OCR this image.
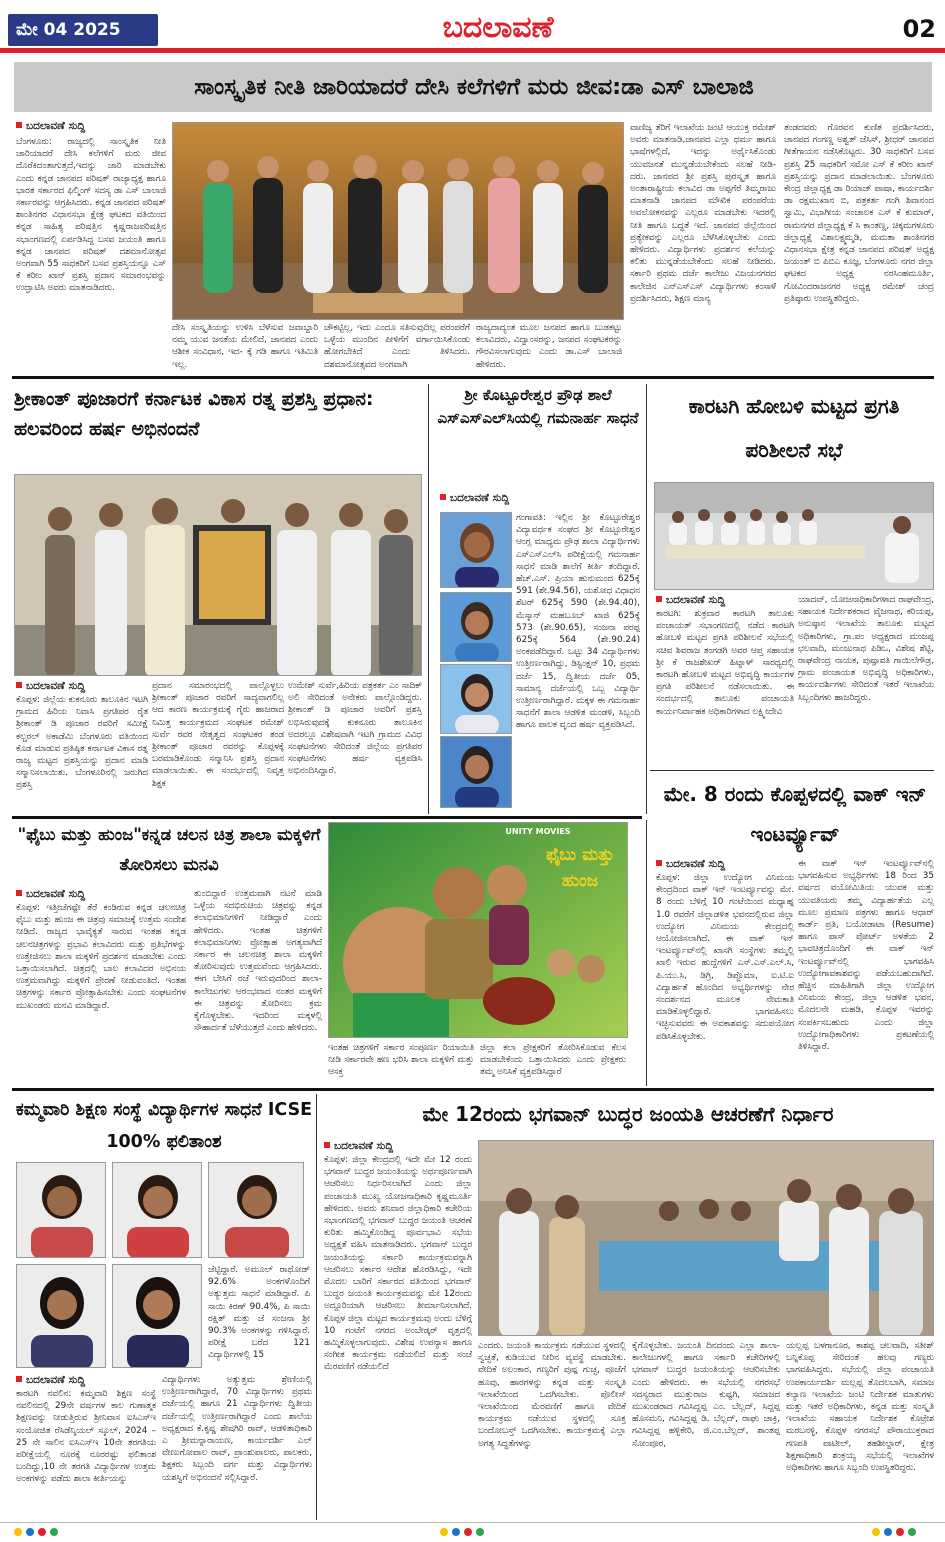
ಮೇ 04 2025	ಬದಲಾವಣೆ	02
ಸಾಂಸ್ಕೃತಿಕ ನೀತಿ ಜಾರಿಯಾದರೆ ದೇಸಿ ಕಲೆಗಳಿಗೆ ಮರು ಜೀವ:ಡಾ ಎಸ್ ಬಾಲಾಜಿ
ಬದಲಾವಣೆ ಸುದ್ದಿ
ಬೆಂಗಳೂರು: ರಾಜ್ಯದಲ್ಲಿ ಸಾಂಸ್ಕೃತಿಕ ನೀತಿ ಜಾರಿಯಾದರೆ ದೇಸಿ ಕಲೆಗಳಿಗೆ ಮರು ಜೀವ ದೊರೆಕಿದಂತಾಗುತ್ತದೆ,ಇದನ್ನು ಜಾರಿ ಮಾಡಬೇಕು ಎಂದು ಕನ್ನಡ ಜಾನಪದ ಪರಿಷತ್ ರಾಜ್ಯಾಧ್ಯಕ್ಷ ಹಾಗೂ ಭಾರತ ಸರ್ಕಾರದ ಫಿಲ್ಮಿಂಗ್ ಸದಸ್ಯ ಡಾ ಎಸ್ ಬಾಲಾಜಿ ಸರ್ಕಾರವನ್ನು ಆಗ್ರಹಿಸಿದರು. ಕನ್ನಡ ಜಾನಪದ ಪರಿಷತ್ ಶಾಂತಿನಗರ ವಿಧಾನಸಭಾ ಕ್ಷೇತ್ರ ಘಟಕದ ವತಿಯಿಂದ ಕನ್ನಡ ಸಾಹಿತ್ಯ ಪರಿಷತ್ತಿನ ಕೃಷ್ಣರಾಜಪರಿಷತ್ತಿನ ಸಭಾಂಗಣದಲ್ಲಿ ಏರ್ಪಡಿಸಿದ್ದ ಬಸವ ಜಯಂತಿ ಹಾಗೂ ಕನ್ನಡ ಜಾನಪದ ಪರಿಷತ್ ದಶಮಾನೋತ್ಸವ ಅಂಗವಾಗಿ 55 ಸಾಧಕರಿಗೆ ಬಸವ ಪ್ರಶಸ್ತಿಯನ್ನೂ ಎಸ್ ಕೆ ಕರೀಂ ಖಾನ್ ಪ್ರಶಸ್ತಿ ಪ್ರದಾನ ಸಮಾರಂಭವನ್ನು ಉದ್ಘಾಟಿಸಿ ಅವರು ಮಾತನಾಡಿದರು.
ದೇಸಿ ಸಂಸ್ಕೃತಿಯನ್ನು ಉಳಿಸಿ ಬೆಳೆಸುವ ಜವಾಬ್ದಾರಿ ನಮ್ಮ ಯುವ ಜನತೆಯ ಮೇಲಿದೆ, ಜಾನಪದ ಎಂದು ಆಶೀಕ ಸಂವಿಧಾನ, ಇದ- ಕ್ಕೆ ಗಡಿ ಹಾಗೂ ಇತಿಮಿತಿ ಇಲ್ಲ.
ಚೌಕಟ್ಟಿಲ್ಲ, ಇದು ಎಂದೂ ಸತಿಸುವುದಿಲ್ಲ ಪರಂಪರೆಗೆ ಒಳ್ಳೆಯ ಮುಂದಿನ ಪೀಳಿಗೆಗೆ ವರ್ಗಾಯಿಸಿಕೊಂಡು ಹೋಗಬೇಕಿದೆ ಎಂದು ತಿಳಿಸಿದರು. ದಶಮಾನೋತ್ಸವದ ಅಂಗವಾಗಿ
ರಾಜ್ಯದಾದ್ಯಂತ ಮೂಲ ಜನಪದ ಹಾಗೂ ಬುಡಕಟ್ಟು ಕಲಾವಿದರು, ವಿದ್ವಾಂಸರನ್ನು, ಜನಪದ ಸಂಘಟಕರನ್ನು ಗೌರವಿಸಲಾಗುವುದು ಎಂದು ಡಾ.ಎಸ್ ಬಾಲಾಜಿ ಹೇಳಿದರು.
ವಾಣಿಜ್ಯ ತೆರಿಗೆ ಇಲಾಖೆಯ ಜಂಟಿ ಆಯುಕ್ತ ರಮೇಶ್ ಅವರು ಮಾತನಾಡಿ,ಜಾನಪದ ಎಲ್ಲಾ ಧರ್ಮ ಹಾಗೂ ಭಾಷೆಗಳಲ್ಲಿದೆ, ಇದನ್ನು ಅರ್ಥೈಸಿಕೊಂಡು ಯುವಜನತೆ ಮುನ್ನಡೆಯಬೇಕೆಂದು ಸಲಹೆ ನೀಡಿ- ದರು. ಜಾನಪದ ಶ್ರೀ ಪ್ರಶಸ್ತಿ ಪುರಸ್ಕೃತ ಹಾಗೂ ಅಂತಾರಾಷ್ಟ್ರೀಯ ಕಲಾವಿದ ಡಾ ಅಪ್ಪಗೆರೆ ತಿಮ್ಮರಾಜು ಮಾತನಾಡಿ ಜಾನಪದ ಮೌಖಿಕ ಪರಂಪರೆಯ ಅವಲೋಕನವನ್ನು ಎಲ್ಲರೂ ಮಾಡಬೇಕು ಇದರಲ್ಲಿ ನೀತಿ ಹಾಗೂ ಬದ್ಧತೆ ಇದೆ. ಜಾನಪದ ಜಿಲ್ಲೆಯಿಂದ ಪ್ರತ್ಯೇಕವನ್ನು ಎಲ್ಲರೂ ಬೆಳೆಸಿಕೊಳ್ಳಬೇಕು ಎಂದು ಹೇಳಿದರು. ವಿದ್ಯಾರ್ಥಿಗಳು ಪ್ರದರ್ಶನ ಕಲೆಯನ್ನು ಕಲಿತು ಮುನ್ನಡೆಯಬೇಕೆಂದು ಸಲಹೆ ನೀಡಿದರು. ಸರ್ಕಾರಿ ಪ್ರಥಮ ದರ್ಜೆ ಕಾಲೇಜು ವಿಜಯನಗರದ ಕಾಲೇಜಿನ ಎನ್‌ಎಸ್‌ಎಸ್ ವಿದ್ಯಾರ್ಥಿಗಳು ಕಂಸಾಳೆ ಪ್ರದರ್ಶಿಸಿದರು, ಶಿಕ್ಷಣ ಮಾನ್ಯ
ತಂಡದವರು ಗೊರವನ ಕುಣಿತ ಪ್ರದರ್ಶಿಸಿದರು, ಜಾನಪದ ಗಂಗಣ್ಣ ಅಶ್ವತ್ ಜೆಸಿಸ್, ಶ್ರೀಧರ್ ಜಾನಪದ ಗೀತೆಗಾಯನ ನಡೆಸಿಕೊಟ್ಟರು. 30 ಸಾಧಕರಿಗೆ ಬಸವ ಪ್ರಶಸ್ತಿ 25 ಸಾಧಕರಿಗೆ ಸಮೋ ಎಸ್ ಕೆ ಕರೀಂ ಖಾನ್ ಪ್ರಶಸ್ತಿಯನ್ನು ಪ್ರದಾನ ಮಾಡಲಾಯಿತು. ಬೆಂಗಳೂರು ಕೇಂದ್ರ ಜಿಲ್ಲಾಧ್ಯಕ್ಷ ಡಾ ರಿಯಾಜ್ ಪಾಷಾ, ಕಾರ್ಯದರ್ಶಿ ಡಾ ರಕ್ಷಮುಖಾನ ಬಿ, ಪತ್ರಕರ್ತ ಗಂಗಿ ಶಿವಾನಂದ ಸ್ವಾಮಿ, ವಿಭಾಗೀಯ ಸಂಚಾಲಕ ಎಸ್ ಕೆ ಕುಮಾರ್, ರಾಮನಗರ ಜಿಲ್ಲಾಧ್ಯಕ್ಷ ಕೆ ಸಿ ಕಾಂತಣ್ಣ, ಚಿಕ್ಕಮಗಳೂರು ಜಿಲ್ಲಾಧ್ಯಕ್ಷೆ ವಿಶಾಲಕ್ಷ್ಮಮ್ಮಡಿ, ಮಮತಾ ಶಾಂತಿನಗರ ವಿಧಾನಸಭಾ ಕ್ಷೇತ್ರ ಕನ್ನಡ ಜಾನಪದ ಪರಿಷತ್ ಅಧ್ಯಕ್ಷ ಜಯಂತ್ ಬಿ ಪಿಬಿಎ ಕೂಜ್ಞ, ಬೆಂಗಳೂರು ನಗರ ಜಿಲ್ಲಾ ಘಟಕದ ಅಧ್ಯಕ್ಷ ನರಸಿಂಹಮೂರ್ತಿ, ಗೋವಿಂದರಾಜನಗರ ಅಧ್ಯಕ್ಷ ರಮೇಶ್ ಚಂದ್ರ ಪ್ರತಿಷ್ಠಾರು ಉಪಸ್ಥಿತರಿದ್ದರು.
ಶ್ರೀಕಾಂತ್ ಪೂಜಾರಗೆ ಕರ್ನಾಟಕ ವಿಕಾಸ ರತ್ನ ಪ್ರಶಸ್ತಿ ಪ್ರಧಾನ: ಹಲವರಿಂದ ಹರ್ಷ ಅಭಿನಂದನೆ
ಬದಲಾವಣೆ ಸುದ್ದಿ
ಕೊಪ್ಪಳ: ಜಿಲ್ಲೆಯ ಕುಕನೂರು ತಾಲೂಕಿನ ಇಟಗಿ ಗ್ರಾಮದ ಹಿರಿಯ ನಿವಾಸಿ ಪ್ರಗತಿಪರ ರೈತ ಶ್ರೀಕಾಂತ್ ಡಿ ಪೂಜಾರ ರವರಿಗೆ ಸಮೀಕ್ಷೆ ಕಲ್ಚರಲ್ ಅಕಾಡೆಮಿ ಬೆಂಗಳೂರು ವತಿಯಿಂದ ಕೊಡ ಮಾಡುವ ಪ್ರತಿಷ್ಠಿತ ಕರ್ನಾಟಕ ವಿಕಾಸ ರತ್ನ ರಾಜ್ಯ ಮಟ್ಟದ ಪ್ರಶಸ್ತಿಯನ್ನು ಪ್ರದಾನ ಮಾಡಿ ಸನ್ಮಾನಿಸಲಾಯಿತು. ಬೆಂಗಳೂರಿನಲ್ಲಿ ಜರುಗಿದ ಪ್ರಶಸ್ತಿ
ಪ್ರದಾನ ಸಮಾರಂಭದಲ್ಲಿ ಪಾಲ್ಗೊಳ್ಳಲು ಶ್ರೀಕಾಂತ್ ಪೂಜಾರ ರವರಿಗೆ ಸಾದ್ಯವಾಗಲಿಲ್ಲ ಆದ ಕಾರಣ ಕಾರ್ಯಕ್ರಮಕ್ಕೆ ಗೈರು ಹಾಜರಾದ ನಿಮಿತ್ತ ಕಾರ್ಯಕ್ರಮದ ಸಂಘಟಕ ರಮೇಶ್ ಸುರ್ವೆ ರವರ ನೇತೃತ್ವದ ಸಂಘಟಕರ ತಂಡ ಶ್ರೀಕಾಂತ್ ಪೂಜಾರ ರವರನ್ನು ಕೊಪ್ಪಳಕ್ಕೆ ಬರಮಾಡಿಕೊಂಡು ಸನ್ಮಾನಿಸಿ ಪ್ರಶಸ್ತಿ ಪ್ರದಾನ ಮಾಡಲಾಯಿತು. ಈ ಸಂದರ್ಭದಲ್ಲಿ ನಿವೃತ್ತ ಶಿಕ್ಷಕ
ಉಮೇಶ್ ಸುರ್ವೆ,ಹಿರಿಯ ಪತ್ರಕರ್ತ ಎಂ ಸಾದಿಕ್ ಅಲಿ ಸೇರಿದಂತೆ ಅನೇಕರು ಪಾಲ್ಗೊಂಡಿದ್ದರು. ಶ್ರೀಕಾಂತ್ ಡಿ ಪೂಜಾರ ಅವರಿಗೆ ಪ್ರಶಸ್ತಿ ಲಭಿಸಿರುವುದಕ್ಕೆ ಕುಕನೂರು ತಾಲೂಕಿನ ಅದರಲ್ಲೂ ವಿಶೇಷವಾಗಿ ಇಟಗಿ ಗ್ರಾಮದ ವಿವಿಧ ಸಂಘಟನೆಗಳು ಸೇರಿದಂತೆ ಜಿಲ್ಲೆಯ ಪ್ರಗತಿಪರ ಸಂಘಟನೆಗಳು ಹರ್ಷ ವ್ಯಕ್ತಪಡಿಸಿ ಅಭಿನಂದಿಸಿದ್ದಾರೆ.
ಶ್ರೀ ಕೊಟ್ಟೂರೇಶ್ವರ ಪ್ರೌಢ ಶಾಲೆ ಎಸ್‌ಎಸ್‌ಎಲ್‌ಸಿಯಲ್ಲಿ ಗಮನಾರ್ಹ ಸಾಧನೆ
ಬದಲಾವಣೆ ಸುದ್ದಿ
ಗಂಗಾವತಿ: ಇಲ್ಲಿನ ಶ್ರೀ ಕೊಟ್ಟೂರೇಶ್ವರ ವಿದ್ಯಾವರ್ಧಕ ಸಂಘದ ಶ್ರೀ ಕೊಟ್ಟೂರೇಶ್ವರ ಆಂಗ್ಲ ಮಾಧ್ಯಮ ಪ್ರೌಢ ಶಾಲಾ ವಿದ್ಯಾರ್ಥಿಗಳು ಎಸ್‌ಎಸ್‌ಎಲ್‌ಸಿ ಪರೀಕ್ಷೆಯಲ್ಲಿ ಗಮನಾರ್ಹ ಸಾಧನೆ ಮಾಡಿ ಶಾಲೆಗೆ ಕೀರ್ತಿ ತಂದಿದ್ದಾರೆ. ಹೆಚ್.ಎಸ್. ಪ್ರಿಯಾ ಹುನುಮಂದ 625ಕ್ಕೆ 591 (ಶೇ.94.56), ಯಶೋಧ ವಿಧಾಧನ ಶೆಟರ್ 625ಕ್ಕೆ 590 (ಶೇ.94.40), ಮೆಸ್ಕಾನ್ ಮಹಬೂಬ್ ಖಾಜಿ 625ಕ್ಕೆ 573 (ಶೇ.90.65), ಸಂಜನಾ ಪರಪ್ಪ 625ಕ್ಕೆ 564 (ಶೇ.90.24) ಅಂಕಪಡೆದಿದ್ದಾರೆ. ಒಟ್ಟು 34 ವಿದ್ಯಾರ್ಥಿಗಳು ಉತ್ತೀರ್ಣರಾಗಿದ್ದು, ಡಿಸ್ಟಿಂಕ್ಷನ್ 10, ಪ್ರಥಮ ದರ್ಜೆ 15, ದ್ವಿತೀಯ ದರ್ಜೆ 05, ಸಾಮಾನ್ಯ ದರ್ಜೆಯಲ್ಲಿ ಒಬ್ಬ ವಿದ್ಯಾರ್ಥಿ ಉತ್ತೀರ್ಣರಾಗಿದ್ದಾರೆ. ಮಕ್ಕಳ ಈ ಗಮನಾರ್ಹ ಸಾಧನೆಗೆ ಶಾಲಾ ಆಡಳಿತ ಮಂಡಳಿ, ಸಿಬ್ಬಂದಿ ಹಾಗೂ ಪಾಲಕ ವೃಂದ ಹರ್ಷ ವ್ಯಕ್ತಪಡಿಸಿದೆ.
ಕಾರಟಗಿ ಹೋಬಳಿ ಮಟ್ಟದ ಪ್ರಗತಿ ಪರಿಶೀಲನೆ ಸಭೆ
ಬದಲಾವಣೆ ಸುದ್ದಿ
ಕಾರಟಗಿ: ಶುಕ್ರವಾರ ಕಾರಟಗಿ ತಾಲೂಕು ಪಂಚಾಯತ್ ಸಭಾಂಗಣದಲ್ಲಿ ನಡೆದ ಕಾರಟಗಿ ಹೋಬಳಿ ಮಟ್ಟದ ಪ್ರಗತಿ ಪರಿಶೀಲನೆ ಸಭೆಯಲ್ಲಿ ಸಚಿವ ಶಿವರಾಜ ತಂಗಡಗಿ ಅವರ ಆಪ್ತ ಸಹಾಯಕ ಶ್ರೀ ಕೆ ರಾಜಶೇಖರ್ ಹಿಟ್ನಾಳ್ ಸಾರಥ್ಯದಲ್ಲಿ ಕಾರಟಗಿ ಹೋಬಳಿ ಮಟ್ಟದ ಅಭಿವೃದ್ಧಿ ಕಾರ್ಯಗಳ ಪ್ರಗತಿ ಪರಿಶೀಲನೆ ನಡೆಸಲಾಯಿತು. ಈ ಸಂದರ್ಭದಲ್ಲಿ ತಾಲೂಕು ಪಂಚಾಯತಿ ಕಾರ್ಯನಿರ್ವಾಹಕ ಅಧಿಕಾರಿಗಳಾದ ಲಕ್ಷ್ಮೀದೇವಿ
ಯಾದವ್, ಯೋಜನಾಧಿಕಾರಿಗಳಾದ ರಾಘವೇಂದ್ರ, ಸಹಾಯಕ ನಿರ್ದೇಶಕರಾದ ವೈಜನಾಥ, ಕರಿಯಪ್ಪ, ಅನುಷ್ಠಾನ ಇಲಾಖೆಯ ತಾಲೂಕು ಮಟ್ಟದ ಅಧಿಕಾರಿಗಳು, ಗ್ರಾ.ಪಂ ಅಧ್ಯಕ್ಷರಾದ ಮಂಜಪ್ಪ ಛಲವಾದಿ, ಮಂಜುನಾಥ ಪಿಡಿಒ, ವಿಶೇಷ ಶೆಟ್ಟಿ, ರಾಘವೇಂದ್ರ ನಾಯಕ, ಪುಷ್ಪಾವತಿ ಗಾಯಿಲೆಗೌಡ್ರ, ಗ್ರಾಮ ಪಂಚಾಯತ ಅಭಿವೃದ್ಧಿ ಅಧಿಕಾರಿಗಳು, ಕಾರ್ಯದರ್ಶಿಗಳು ಸೇರಿದಂತೆ ಇತರೆ ಇಲಾಖೆಯ ಸಿಬ್ಬಂದಿಗಳು ಹಾಜರಿದ್ದರು.
ಮೇ. 8 ರಂದು ಕೊಪ್ಪಳದಲ್ಲಿ ವಾಕ್ ಇನ್ ಇಂಟರ್ವ್ಯೂವ್
ಬದಲಾವಣೆ ಸುದ್ದಿ
ಕೊಪ್ಪಳ: ಜಿಲ್ಲಾ ಉದ್ಯೋಗ ವಿನಿಮಯ ಕೇಂದ್ರದಿಂದ ವಾಕ್ ಇನ್ ಇಂಟರ್ವ್ಯೂವನ್ನು ಮೇ. 8 ರಂದು ಬೆಳಿಗ್ಗೆ 10 ಗಂಟೆಯಿಂದ ಮಧ್ಯಾಹ್ನ 1.0 ರವರೆಗೆ ಜಿಲ್ಲಾಡಳಿತ ಭವನದಲ್ಲಿರುವ ಜಿಲ್ಲಾ ಉದ್ಯೋಗ ವಿನಿಮಯ ಕೇಂದ್ರದಲ್ಲಿ ಆಯೋಜಿಸಲಾಗಿದೆ. ಈ ವಾಕ್ ಇನ್ ಇಂಟರ್ವ್ಯೂವ್‌ನಲ್ಲಿ ಖಾಸಗಿ ಸಂಸ್ಥೆಗಳು ತಮ್ಮಲ್ಲಿ ಖಾಲಿ ಇರುವ ಹುದ್ದೆಗಳಿಗೆ ಎಸ್.ಎಸ್.ಎಲ್.ಸಿ, ಪಿ.ಯು.ಸಿ, ಡಿಗ್ರಿ, ಡಿಪ್ಲೊಮಾ, ಐ.ಟಿ.ಐ ವಿದ್ಯಾರ್ಹತೆ ಹೊಂದಿದ ಅಭ್ಯರ್ಥಿಗಳನ್ನು ನೇರ ಸಂದರ್ಶನದ ಮೂಲಕ ನೇಮಕಾತಿ ಮಾಡಿಕೊಳ್ಳಲಿದ್ದಾರೆ. ಭಾಗವಹಿಸಲು ಇಚ್ಛಿಸುವವರು ಈ ಅವಕಾಶವನ್ನು ಸದುಪಯೋಗ ಪಡಿಸಿಕೊಳ್ಳಬೇಕು.
ಈ ವಾಕ್ ಇನ್ ಇಂಟರ್ವ್ಯೂವ್‌ನಲ್ಲಿ ಭಾಗವಹಿಸುವ ಅಭ್ಯರ್ಥಿಗಳು 18 ರಿಂದ 35 ವರ್ಷದ ವಯೋಮಿತಿಯ ಯುವಕ ಮತ್ತು ಯುವತಿಯರು ತಮ್ಮ ವಿದ್ಯಾರ್ಹತೆಯ ಎಲ್ಲ ಮೂಲ ಪ್ರಮಾಣ ಪತ್ರಗಳು ಹಾಗೂ ಆಧಾರ್ ಕಾರ್ಡ್ ಪ್ರತಿ, ಬಯೋಡಾಟಾ (Resume) ಹಾಗೂ ಪಾಸ್ ಪೋರ್ಟ್ ಅಳತೆಯ 2 ಭಾವಚಿತ್ರದೊಂದಿಗೆ ಈ ವಾಕ್ ಇನ್ ಇಂಟರ್ವ್ಯೂವ್‌ನಲ್ಲಿ ಭಾಗವಹಿಸಿ ಉದ್ಯೋಗಾವಕಾಶವನ್ನು ಪಡೆಯಬಹುದಾಗಿದೆ. ಹೆಚ್ಚಿನ ಮಾಹಿತಿಗಾಗಿ ಜಿಲ್ಲಾ ಉದ್ಯೋಗ ವಿನಿಮಯ ಕೇಂದ್ರ, ಜಿಲ್ಲಾ ಆಡಳಿತ ಭವನ, ಮೊದಲನೇ ಮಹಡಿ, ಕೊಪ್ಪಳ ಇವರನ್ನು ಸಂಪರ್ಕಿಸಬಹುದು ಎಂದು ಜಿಲ್ಲಾ ಉದ್ಯೋಗಾಧಿಕಾರಿಗಳು ಪ್ರಕಟಣೆಯಲ್ಲಿ ತಿಳಿಸಿದ್ದಾರೆ.
"ಫೈಬು ಮತ್ತು ಹುಂಜ"ಕನ್ನಡ ಚಲನ ಚಿತ್ರ ಶಾಲಾ ಮಕ್ಕಳಿಗೆ ತೋರಿಸಲು ಮನವಿ
ಬದಲಾವಣೆ ಸುದ್ದಿ
ಕೊಪ್ಪಳ: ಇತ್ತೀಚೆಗಷ್ಟೇ ತೆರೆ ಕಂಡಿರುವ ಕನ್ನಡ ಚಲನಚಿತ್ರ ಫೈಬು ಮತ್ತು ಹುಂಜ ಈ ಚಿತ್ರವು ಸಮಾಜಕ್ಕೆ ಉತ್ತಮ ಸಂದೇಶ ನೀಡಿದೆ. ರಾಜ್ಯದ ಭಾವೈಕ್ಯತೆ ಸಾರುವ ಇಂತಹ ಕನ್ನಡ ಚಲನಚಿತ್ರಗಳನ್ನು ಪ್ರಭಾವಿ ಕಲಾವಿದರು ಮತ್ತು ಪ್ರತಿಭೆಗಳನ್ನು ಉತ್ತೇಜಿಸಲು ಶಾಲಾ ಮಕ್ಕಳಿಗೆ ಪ್ರದರ್ಶನ ಮಾಡಬೇಕು ಎಂದು ಒತ್ತಾಯಿಸಲಾಗಿದೆ. ಚಿತ್ರದಲ್ಲಿ ಬಾಲ ಕಲಾವಿದರ ಅಭಿನಯ ಉತ್ತಮವಾಗಿದ್ದು ಮಕ್ಕಳಿಗೆ ಪ್ರೇರಣೆ ನೀಡುವಂತಿದೆ. ಇಂತಹ ಚಿತ್ರಗಳನ್ನು ಸರ್ಕಾರ ಪ್ರೋತ್ಸಾಹಿಸಬೇಕು ಎಂದು ಸಂಘಟನೆಗಳ ಮುಖಂಡರು ಮನವಿ ಮಾಡಿದ್ದಾರೆ.
ತುಂಬಿದ್ದಾರೆ ಉತ್ತಮವಾಗಿ ನಟನೆ ಮಾಡಿ ಒಳ್ಳೆಯ ಸದಭಿರುಚಿಯ ಚಿತ್ರವನ್ನು ಕನ್ನಡ ಕಲಾಭಿಮಾನಿಗಳಿಗೆ ನೀಡಿದ್ದಾರೆ ಎಂದು ಹೇಳಿದರು. ಇಂತಹ ಚಿತ್ರಗಳಿಗೆ ಕಲಾಭಿಮಾನಿಗಳು ಪ್ರೋತ್ಸಾಹ ಅಗತ್ಯವಾಗಿದೆ ಸರ್ಕಾರ ಈ ಚಲನಚಿತ್ರ ಶಾಲಾ ಮಕ್ಕಳಿಗೆ ತೋರಿಸುವುದು ಉತ್ತಮವೆಂದು ಆಗ್ರಹಿಸಿದರು. ಈಗ ಬೇಸಿಗೆ ರಜೆ ಇರುವುದರಿಂದ ಶಾಲಾ-ಕಾಲೇಜುಗಳು ಆರಂಭವಾದ ನಂತರ ಮಕ್ಕಳಿಗೆ ಈ ಚಿತ್ರವನ್ನು ತೋರಿಸಲು ಕ್ರಮ ಕೈಗೊಳ್ಳಬೇಕು. ಇದರಿಂದ ಮಕ್ಕಳಲ್ಲಿ ಸೌಹಾರ್ದತೆ ಬೆಳೆಯುತ್ತದೆ ಎಂದು ಹೇಳಿದರು.
UNITY MOVIES
ಫೈಬು ಮತ್ತು ಹುಂಜ
ಇಂತಹ ಚಿತ್ರಗಳಿಗೆ ಸರ್ಕಾರ ಸಂಪೂರ್ಣ ರಿಯಾಯಿತಿ ನೀಡಿ ಸರ್ಕಾರವೇ ಹಣ ಭರಿಸಿ ಶಾಲಾ ಮಕ್ಕಳಿಗೆ ಮತ್ತು ಆಸಕ್ತ
ಜಿಲ್ಲಾ ಕಲಾ ಪ್ರೇಕ್ಷಕರಿಗೆ ತೋರಿಸಿಕೊಡುವ ಕೆಲಸ ಮಾಡಬೇಕೆಂದು ಒತ್ತಾಯಿಸಿದರು ಎಂದು ಪ್ರೇಕ್ಷಕರು ತಮ್ಮ ಅನಿಸಿಕೆ ವ್ಯಕ್ತಪಡಿಸಿದ್ದಾರೆ
ಕಮ್ಮವಾರಿ ಶಿಕ್ಷಣ ಸಂಸ್ಥೆ ವಿದ್ಯಾರ್ಥಿಗಳ ಸಾಧನೆ ICSE 100% ಫಲಿತಾಂಶ
ಜೆಟ್ಟಿದ್ದಾರೆ. ಅಮೂಲ್ ರಾಥೋಡ್ 92.6% ಅಂಕಗಳೊಂದಿಗೆ ಅತ್ಯುತ್ತಮ ಸಾಧನೆ ಮಾಡಿದ್ದಾರೆ. ಪಿ ಸಾಯಿ ಕಿರಣ್ 90.4%, ಪಿ ಸಾಯಿ ರಕ್ಷಿತ್ ಮತ್ತು ಜೆ ಸಂಜನಾ ಶ್ರೀ 90.3% ಅಂಕಗಳನ್ನು ಗಳಿಸಿದ್ದಾರೆ. ಪರೀಕ್ಷೆ ಬರೆದ 121 ವಿದ್ಯಾರ್ಥಿಗಳಲ್ಲಿ 15
ಬದಲಾವಣೆ ಸುದ್ದಿ
ಕಾರಟಗಿ ನವಲಿನ: ಕಮ್ಮವಾರಿ ಶಿಕ್ಷಣ ಸಂಸ್ಥೆ ನವಲಿನದಲ್ಲಿ 29ನೇ ವರ್ಷಗಳ ಕಾಲ ಗುಣಾತ್ಮಕ ಶಿಕ್ಷಣವನ್ನು ನೀಡುತ್ತಿರುವ ಶ್ರೀನಿವಾಸ ಐಸಿಎಸ್‌ಇ ಸಂಯೋಜಿತ ರೆಸಿಡೆನ್ಶಿಯಲ್ ಸ್ಕೂಲ್, 2024 – 25 ನೇ ಸಾಲಿನ ಐಸಿಎಸ್‌ಇ 10ನೇ ತರಗತಿಯ ಪರೀಕ್ಷೆಯಲ್ಲಿ ನೂರಕ್ಕೆ ನೂರರಷ್ಟು ಫಲಿತಾಂಶ ಬಂದಿದ್ದು,10 ನೇ ತರಗತಿ ವಿದ್ಯಾರ್ಥಿಗಳ ಉತ್ತಮ ಅಂಕಗಳನ್ನು ಪಡೆದು ಶಾಲಾ ಕೀರ್ತಿಯನ್ನು
ವಿದ್ಯಾರ್ಥಿಗಳು ಅತ್ಯುತ್ತಮ ಶ್ರೇಣಿಯಲ್ಲಿ ಉತ್ತೀರ್ಣರಾಗಿದ್ದಾರೆ, 70 ವಿದ್ಯಾರ್ಥಿಗಳು ಪ್ರಥಮ ದರ್ಜೆಯಲ್ಲಿ ಹಾಗೂ 21 ವಿದ್ಯಾರ್ಥಿಗಳು ದ್ವಿತೀಯ ದರ್ಜೆಯಲ್ಲಿ ಉತ್ತೀರ್ಣರಾಗಿದ್ದಾರೆ ಎಂದು ಶಾಲೆಯ ಅಧ್ಯಕ್ಷರಾದ ಕೆ.ಕೃಷ್ಣ ಶೇಷಗಿರಿ ರಾವ್, ಆಡಳಿತಾಧಿಕಾರಿ ಎ ಶ್ರೀಮನ್ನಾರಾಯಣ, ಕಾರ್ಯದರ್ಶಿ ಎಲ್ ವೇಣುಗೋಪಾಲ ರಾವ್, ಪ್ರಾಂಶುಪಾಲರು, ಪಾಲಕರು, ಶಿಕ್ಷಕರು ಸಿಬ್ಬಂದಿ ವರ್ಗ ಮತ್ತು ವಿದ್ಯಾರ್ಥಿಗಳು ಯಶಸ್ವಿಗೆ ಅಭಿನಂದನೆ ಸಲ್ಲಿಸಿದ್ದಾರೆ.
ಮೇ 12ರಂದು ಭಗವಾನ್ ಬುದ್ಧರ ಜಂಯತಿ ಆಚರಣೆಗೆ ನಿರ್ಧಾರ
ಬದಲಾವಣೆ ಸುದ್ದಿ
ಕೊಪ್ಪಳ: ಜಿಲ್ಲಾ ಕೇಂದ್ರದಲ್ಲಿ ಇದೇ ಮೇ 12 ರಂದು ಭಗವಾನ್ ಬುದ್ಧರ ಜಯಂತಿಯನ್ನು ಅರ್ಥಪೂರ್ಣವಾಗಿ ಆಚರಿಸಲು ನಿರ್ಧರಿಸಲಾಗಿದೆ ಎಂದು ಜಿಲ್ಲಾ ಪಂಚಾಯತಿ ಮುಖ್ಯ ಯೋಜನಾಧಿಕಾರಿ ಕೃಷ್ಣಮೂರ್ತಿ ಹೇಳಿದರು. ಅವರು ಶನಿವಾರ ಜಿಲ್ಲಾಧಿಕಾರಿ ಕಚೇರಿಯ ಸಭಾಂಗಣದಲ್ಲಿ ಭಗವಾನ್ ಬುದ್ಧರ ಜಯಂತಿ ಆಚರಣೆ ಕುರಿತು ಹಮ್ಮಿಕೊಂಡಿದ್ದ ಪೂರ್ವಭಾವಿ ಸಭೆಯ ಅಧ್ಯಕ್ಷತೆ ವಹಿಸಿ ಮಾತನಾಡಿದರು. ಭಗವಾನ್ ಬುದ್ಧರ ಜಯಂತಿಯನ್ನು ಸರ್ಕಾರಿ ಕಾರ್ಯಕ್ರಮವನ್ನಾಗಿ ಆಚರಿಸಲು ಸರ್ಕಾರ ಆದೇಶ ಹೊರಡಿಸಿದ್ದು, ಇದೇ ಮೊದಲ ಬಾರಿಗೆ ಸರ್ಕಾರದ ವತಿಯಿಂದ ಭಗವಾನ್ ಬುದ್ಧರ ಜಯಂತಿ ಕಾರ್ಯಕ್ರಮವನ್ನು ಮೇ 12ರಂದು ಅದ್ದೂರಿಯಾಗಿ ಆಚರಿಸಲು ತೀರ್ಮಾನಿಸಲಾಗಿದೆ. ಕೊಪ್ಪಳ ಜಿಲ್ಲಾ ಮಟ್ಟದ ಕಾರ್ಯಕ್ರಮವು ಅಂದು ಬೆಳಿಗ್ಗೆ 10 ಗಂಟೆಗೆ ನಗರದ ಅಂಬೇಡ್ಕರ್ ವೃತ್ತದಲ್ಲಿ ಹಮ್ಮಿಕೊಳ್ಳಲಾಗುವುದು. ವಿಶೇಷ ಉಪನ್ಯಾಸ ಹಾಗೂ ಸಂಗೀತ ಕಾರ್ಯಕ್ರಮ ನಡೆಯಲಿದೆ ಮತ್ತು ಸಂಜೆ ಮೆರವಣಿಗೆ ನಡೆಯಲಿದೆ
ಎಂದರು. ಜಯಂತಿ ಕಾರ್ಯಕ್ರಮ ನಡೆಯುವ ಸ್ಥಳದಲ್ಲಿ ಸ್ವಚ್ಛತೆ, ಕುಡಿಯುವ ನೀರಿನ ವ್ಯವಸ್ಥೆ ಮಾಡಬೇಕು. ವೇದಿಕೆ ಅಲಂಕಾರ, ಗಣ್ಯರಿಗೆ ಪುಷ್ಪ ಗುಚ್ಛ, ಪೂಜೆಗೆ ಹೂವು, ಹಾರಗಳನ್ನು ಕನ್ನಡ ಮತ್ತು ಸಂಸ್ಕೃತಿ ಇಲಾಖೆಯಿಂದ ಒದಗಿಸಬೇಕು. ಪೊಲೀಸ್ ಇಲಾಖೆಯಿಂದ ಮೆರವಣಿಗೆ ಹಾಗೂ ವೇದಿಕೆ ಕಾರ್ಯಕ್ರಮ ನಡೆಯುವ ಸ್ಥಳದಲ್ಲಿ ಸೂಕ್ತ ಬಂದೋಬಸ್ತ್ ಒದಗಿಸಬೇಕು. ಕಾರ್ಯಕ್ರಮಕ್ಕೆ ಎಲ್ಲಾ ಅಗತ್ಯ ಸಿದ್ಧತೆಗಳನ್ನು
ಕೈಗೊಳ್ಳಬೇಕು. ಜಯಂತಿ ದಿನದಂದು ಎಲ್ಲಾ ಶಾಲಾ-ಕಾಲೇಜುಗಳಲ್ಲಿ ಹಾಗೂ ಸರ್ಕಾರಿ ಕಚೇರಿಗಳಲ್ಲಿ ಭಗವಾನ್ ಬುದ್ಧರ ಜಯಂತಿಯನ್ನು ಆಚರಿಸಬೇಕು ಎಂದು ಹೇಳಿದರು. ಈ ಸಭೆಯಲ್ಲಿ ನಗರಸಭೆ ಸದಸ್ಯರಾದ ಮುತ್ತುರಾಜ ಕುಷ್ಟಗಿ, ಸಮಾಜದ ಮುಖಂಡರಾದ ಗವಿಸಿದ್ದಪ್ಪ ಎಂ. ಬೆಲ್ಲದ್, ಸಿದ್ದಪ್ಪ ಹೊಸಮನಿ, ಗವಿಸಿದ್ದಪ್ಪ ಡಿ. ಬೆಲ್ಲದ್, ರಾಘು ಚಾಕ್ರಿ, ಗವಿಸಿದ್ದಪ್ಪ ಹಳ್ಳಿಕೇರಿ, ಜಿ.ಎಂ.ಬೆಲ್ಲದ್, ಶಾಂತಪ್ಪ ಸೋಂಪೂರ,
ಯಲ್ಲಪ್ಪ ಬಳಗಾನೂರ, ಕಾಶಪ್ಪ ಚಲವಾದಿ, ಸತೀಶ್ ಬನ್ನಿಕೊಪ್ಪ ಸೇರಿದಂತೆ ಹಲವು ಗಣ್ಯರು ಭಾಗವಹಿಸಿದ್ದರು. ಸಭೆಯಲ್ಲಿ ಜಿಲ್ಲಾ ಪಂಚಾಯತಿ ಉಪಕಾರ್ಯದರ್ಶಿ ಮಲ್ಲಪ್ಪ ತೊದಲಬಾಗಿ, ಸಮಾಜ ಕಲ್ಯಾಣ ಇಲಾಖೆಯ ಜಂಟಿ ನಿರ್ದೇಶಕ ಮಾತುಗಳು ಮತ್ತು ಇತರೆ ಅಧಿಕಾರಿಗಳು, ಕನ್ನಡ ಮತ್ತು ಸಂಸ್ಕೃತಿ ಇಲಾಖೆಯ ಸಹಾಯಕ ನಿರ್ದೇಶಕ ಕೊಟ್ರೇಶ ಮರಬನಳ್ಳಿ, ಕೊಪ್ಪಳ ನಗರಸಭೆ ಪೌರಾಯುಕ್ತರಾದ ಗಣಪತಿ ಪಾಟೀಲ್, ತಹಶೀಲ್ದಾರ್, ಕ್ಷೇತ್ರ ಶಿಕ್ಷಣಾಧಿಕಾರಿ ಶಂಕ್ರಯ್ಯ ಸಭೆಯಲ್ಲಿ ಇಲಾಖೆಗಳ ಅಧಿಕಾರಿಗಳು ಹಾಗೂ ಸಿಬ್ಬಂದಿ ಉಪಸ್ಥಿತರಿದ್ದರು.
